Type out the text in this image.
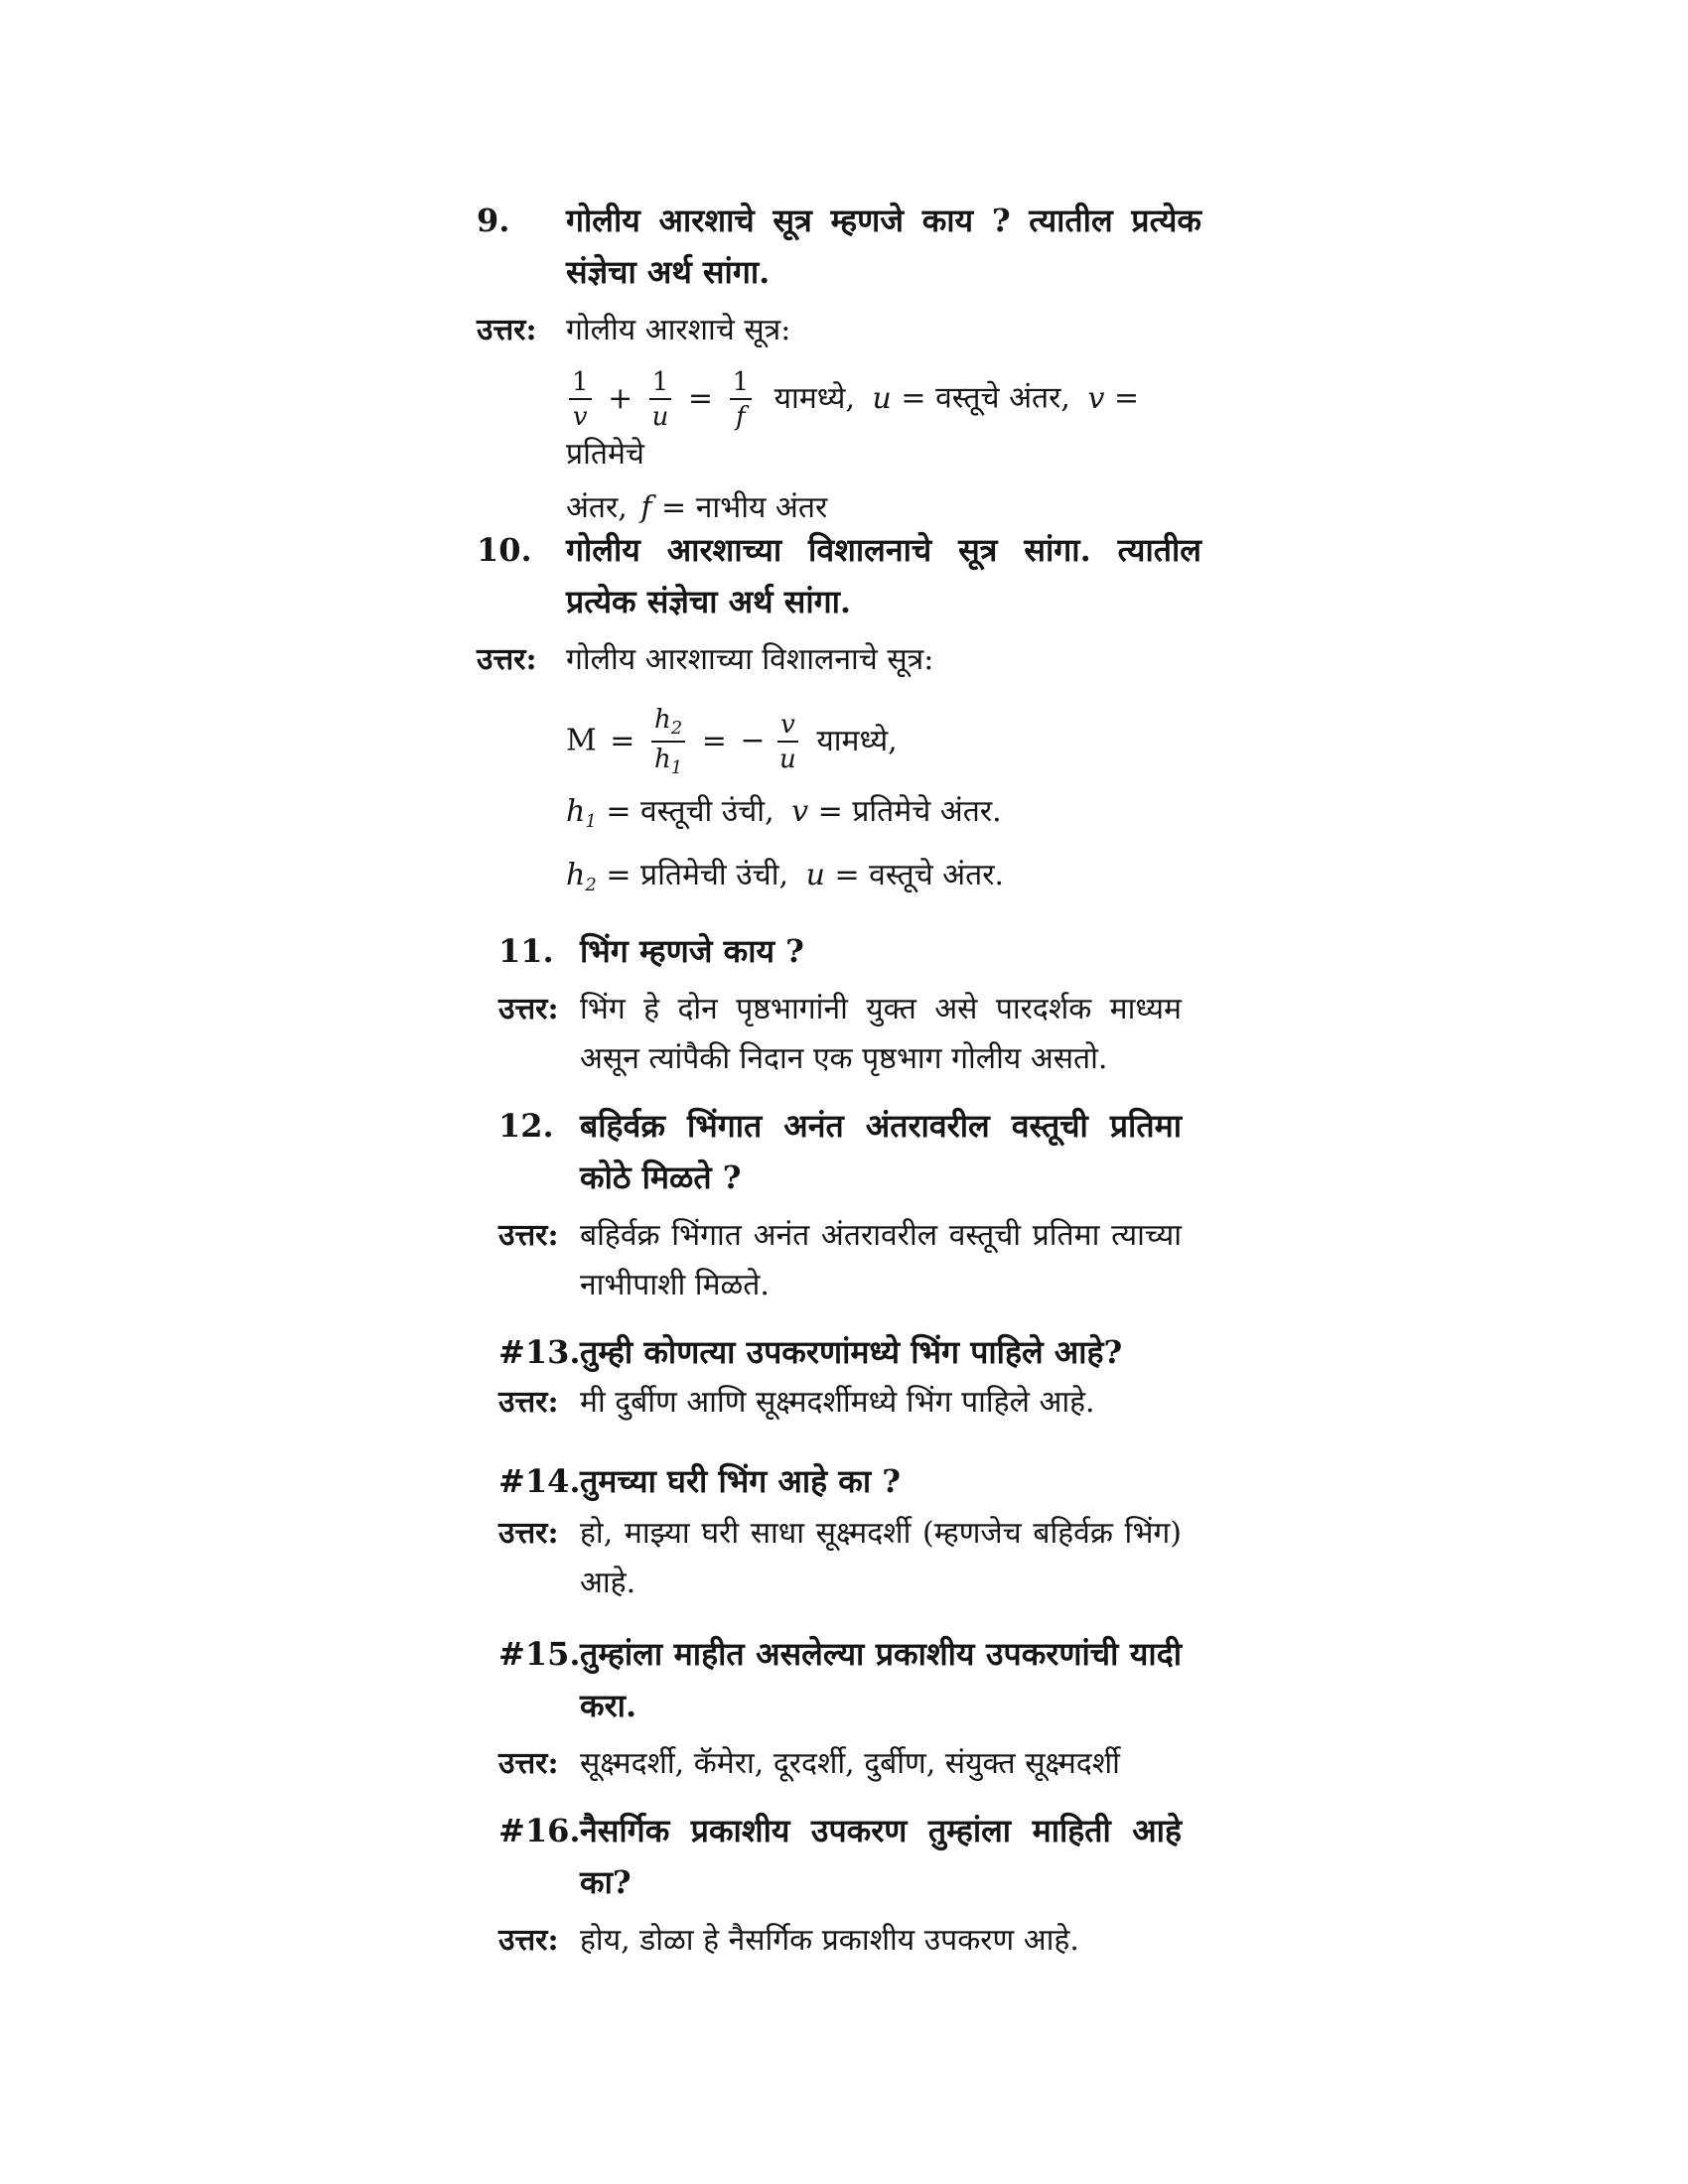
9.	गोलीय आरशाचे सूत्र म्हणजे काय ? त्यातील प्रत्येक संज्ञेचा अर्थ सांगा.
उत्तर: गोलीय आरशाचे सूत्र:
$\frac{1}{v} + \frac{1}{u} = \frac{1}{f}$ यामध्ये, u = वस्तूचे अंतर, v = प्रतिमेचे
अंतर, f = नाभीय अंतर
10.	गोलीय आरशाच्या विशालनाचे सूत्र सांगा. त्यातील प्रत्येक संज्ञेचा अर्थ सांगा.
उत्तर: गोलीय आरशाच्या विशालनाचे सूत्र:
$M = \frac{h_2}{h_1}$ = − $\frac{v}{u}$ यामध्ये,
$h_1$ = वस्तूची उंची, v = प्रतिमेचे अंतर.
$h_2$ = प्रतिमेची उंची, u = वस्तूचे अंतर.
11. भिंग म्हणजे काय ?
उत्तर: भिंग हे दोन पृष्ठभागांनी युक्त असे पारदर्शक माध्यम असून त्यांपैकी निदान एक पृष्ठभाग गोलीय असतो.
12. बहिर्वक्र भिंगात अनंत अंतरावरील वस्तूची प्रतिमा कोठे मिळते ?
उत्तर: बहिर्वक्र भिंगात अनंत अंतरावरील वस्तूची प्रतिमा त्याच्या नाभीपाशी मिळते.
#13. तुम्ही कोणत्या उपकरणांमध्ये भिंग पाहिले आहे?
उत्तर: मी दुर्बीण आणि सूक्ष्मदर्शीमध्ये भिंग पाहिले आहे.
#14. तुमच्या घरी भिंग आहे का ?
उत्तर: हो, माझ्या घरी साधा सूक्ष्मदर्शी (म्हणजेच बहिर्वक्र भिंग) आहे.
#15. तुम्हांला माहीत असलेल्या प्रकाशीय उपकरणांची यादी करा.
उत्तर: सूक्ष्मदर्शी, कॅमेरा, दूरदर्शी, दुर्बीण, संयुक्त सूक्ष्मदर्शी
#16. नैसर्गिक प्रकाशीय उपकरण तुम्हांला माहिती आहे का?
उत्तर: होय, डोळा हे नैसर्गिक प्रकाशीय उपकरण आहे.
